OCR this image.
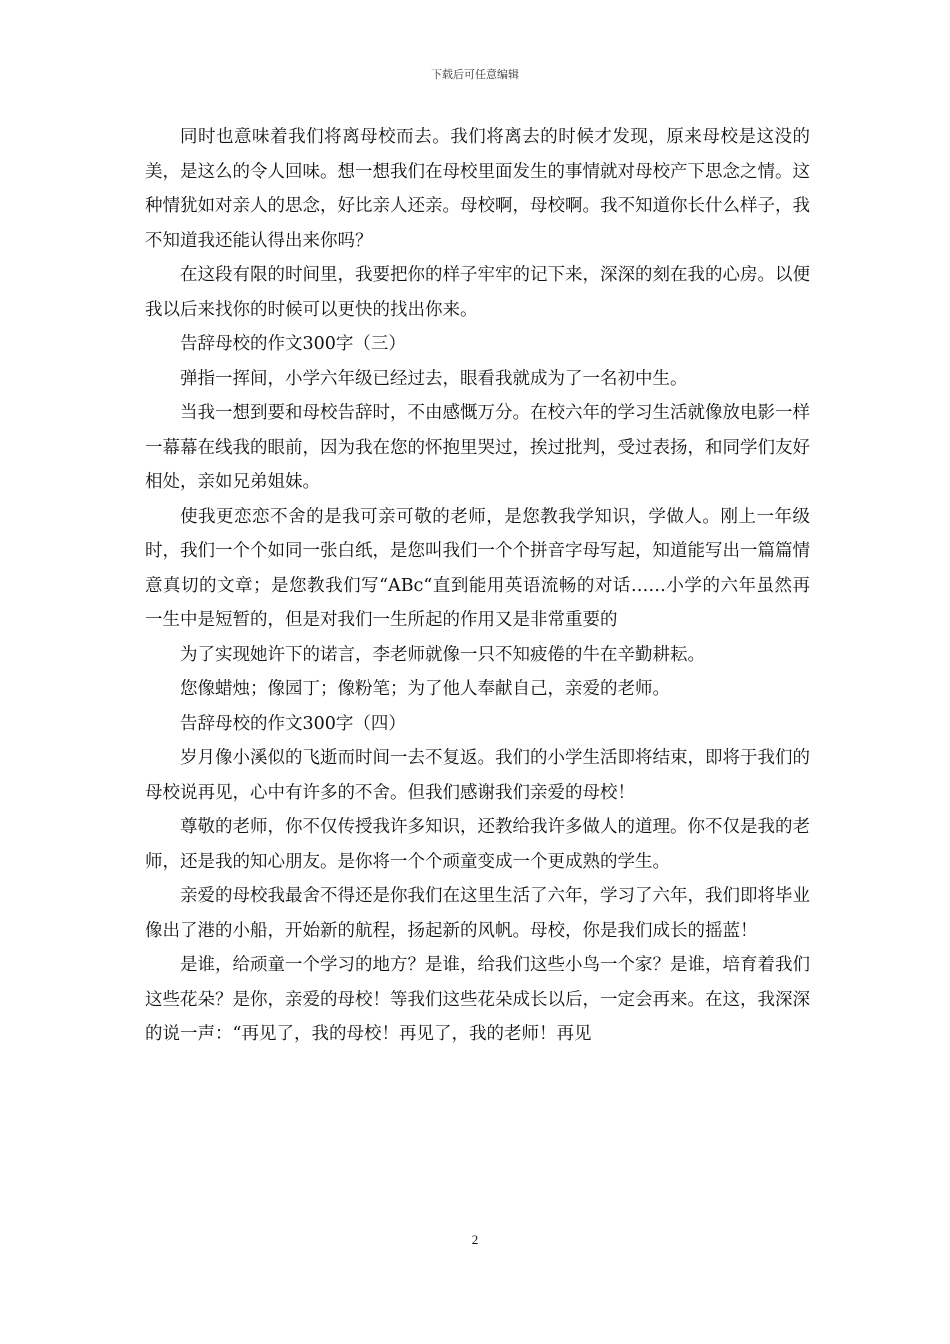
下载后可任意编辑

同时也意味着我们将离母校而去。我们将离去的时候才发现，原来母校是这没的美，是这么的令人回味。想一想我们在母校里面发生的事情就对母校产下思念之情。这种情犹如对亲人的思念，好比亲人还亲。母校啊，母校啊。我不知道你长什么样子，我不知道我还能认得出来你吗？

在这段有限的时间里，我要把你的样子牢牢的记下来，深深的刻在我的心房。以便我以后来找你的时候可以更快的找出你来。

告辞母校的作文300字（三）

弹指一挥间，小学六年级已经过去，眼看我就成为了一名初中生。

当我一想到要和母校告辞时，不由感慨万分。在校六年的学习生活就像放电影一样一幕幕在线我的眼前，因为我在您的怀抱里哭过，挨过批判，受过表扬，和同学们友好相处，亲如兄弟姐妹。

使我更恋恋不舍的是我可亲可敬的老师，是您教我学知识，学做人。刚上一年级时，我们一个个如同一张白纸，是您叫我们一个个拼音字母写起，知道能写出一篇篇情意真切的文章；是您教我们写“ABc“直到能用英语流畅的对话……小学的六年虽然再一生中是短暂的，但是对我们一生所起的作用又是非常重要的

为了实现她许下的诺言，李老师就像一只不知疲倦的牛在辛勤耕耘。

您像蜡烛；像园丁；像粉笔；为了他人奉献自己，亲爱的老师。

告辞母校的作文300字（四）

岁月像小溪似的飞逝而时间一去不复返。我们的小学生活即将结束，即将于我们的母校说再见，心中有许多的不舍。但我们感谢我们亲爱的母校！

尊敬的老师，你不仅传授我许多知识，还教给我许多做人的道理。你不仅是我的老师，还是我的知心朋友。是你将一个个顽童变成一个更成熟的学生。

亲爱的母校我最舍不得还是你我们在这里生活了六年，学习了六年，我们即将毕业像出了港的小船，开始新的航程，扬起新的风帆。母校，你是我们成长的摇蓝！

是谁，给顽童一个学习的地方？是谁，给我们这些小鸟一个家？是谁，培育着我们这些花朵？是你，亲爱的母校！等我们这些花朵成长以后，一定会再来。在这，我深深的说一声：“再见了，我的母校！再见了，我的老师！再见

2
